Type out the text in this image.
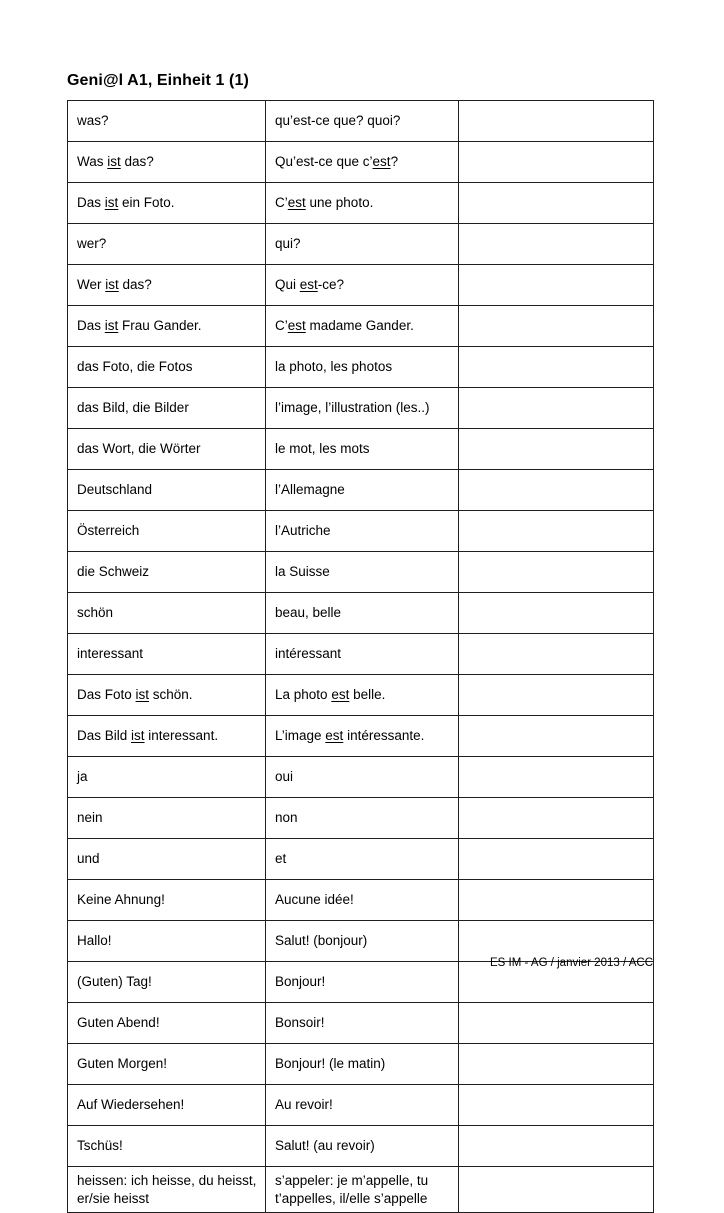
Geni@l A1, Einheit 1 (1)
was?	qu’est-ce que? quoi?	
Was ist das?	Qu’est-ce que c’est?	
Das ist ein Foto.	C’est une photo.	
wer?	qui?	
Wer ist das?	Qui est-ce?	
Das ist Frau Gander.	C’est madame Gander.	
das Foto, die Fotos	la photo, les photos	
das Bild, die Bilder	l’image, l’illustration (les..)	
das Wort, die Wörter	le mot, les mots	
Deutschland	l’Allemagne	
Österreich	l’Autriche	
die Schweiz	la Suisse	
schön	beau, belle	
interessant	intéressant	
Das Foto ist schön.	La photo est belle.	
Das Bild ist interessant.	L’image est intéressante.	
ja	oui	
nein	non	
und	et	
Keine Ahnung!	Aucune idée!	
Hallo!	Salut! (bonjour)	
(Guten) Tag!	Bonjour!	
Guten Abend!	Bonsoir!	
Guten Morgen!	Bonjour! (le matin)	
Auf Wiedersehen!	Au revoir!	
Tschüs!	Salut! (au revoir)	
heissen: ich heisse, du heisst, er/sie heisst	s’appeler: je m’appelle, tu t’appelles, il/elle s’appelle	
ES IM - AG / janvier 2013 / ACC
